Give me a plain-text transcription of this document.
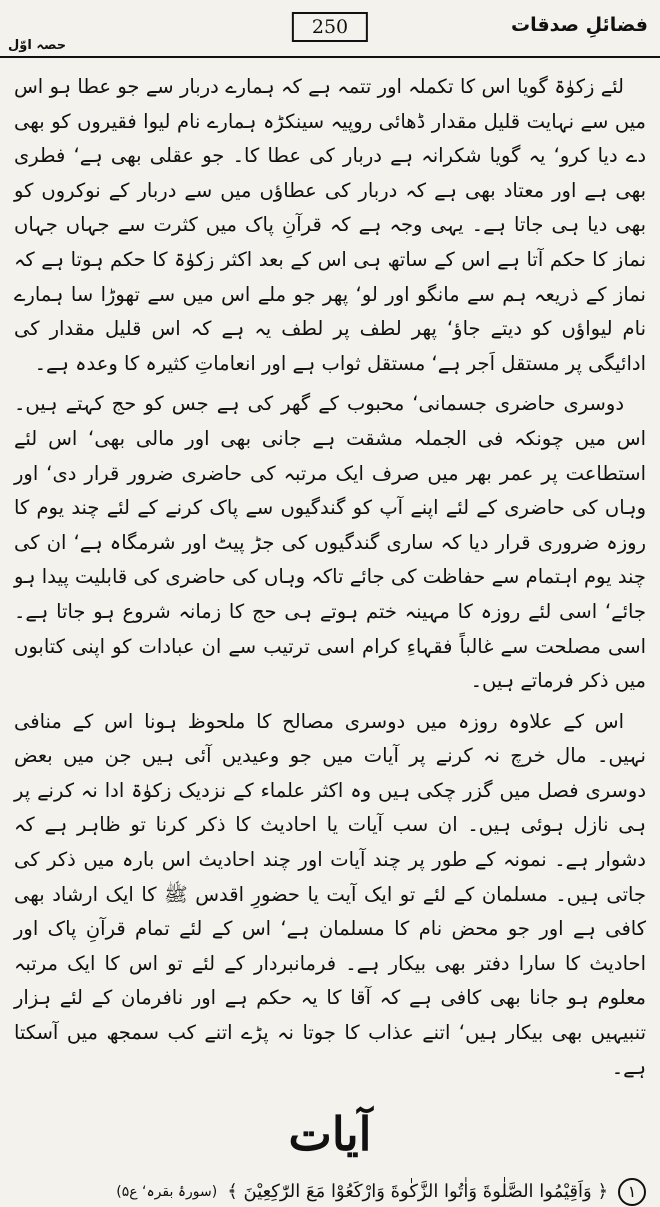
فضائلِ صدقات
250
حصہ اوّل

لئے زکوٰۃ گویا اس کا تکملہ اور تتمہ ہے کہ ہمارے دربار سے جو عطا ہو اس میں سے نہایت قلیل مقدار ڈھائی روپیہ سینکڑہ ہمارے نام لیوا فقیروں کو بھی دے دیا کرو‘ یہ گویا شکرانہ ہے دربار کی عطا کا۔ جو عقلی بھی ہے‘ فطری بھی ہے اور معتاد بھی ہے کہ دربار کی عطاؤں میں سے دربار کے نوکروں کو بھی دیا ہی جاتا ہے۔ یہی وجہ ہے کہ قرآنِ پاک میں کثرت سے جہاں جہاں نماز کا حکم آتا ہے اس کے ساتھ ہی اس کے بعد اکثر زکوٰۃ کا حکم ہوتا ہے کہ نماز کے ذریعہ ہم سے مانگو اور لو‘ پھر جو ملے اس میں سے تھوڑا سا ہمارے نام لیواؤں کو دیتے جاؤ‘ پھر لطف پر لطف یہ ہے کہ اس قلیل مقدار کی ادائیگی پر مستقل اَجر ہے‘ مستقل ثواب ہے اور انعاماتِ کثیرہ کا وعدہ ہے۔

دوسری حاضری جسمانی‘ محبوب کے گھر کی ہے جس کو حج کہتے ہیں۔ اس میں چونکہ فی الجملہ مشقت ہے جانی بھی اور مالی بھی‘ اس لئے استطاعت پر عمر بھر میں صرف ایک مرتبہ کی حاضری ضرور قرار دی‘ اور وہاں کی حاضری کے لئے اپنے آپ کو گندگیوں سے پاک کرنے کے لئے چند یوم کا روزہ ضروری قرار دیا کہ ساری گندگیوں کی جڑ پیٹ اور شرمگاہ ہے‘ ان کی چند یوم اہتمام سے حفاظت کی جائے تاکہ وہاں کی حاضری کی قابلیت پیدا ہو جائے‘ اسی لئے روزہ کا مہینہ ختم ہوتے ہی حج کا زمانہ شروع ہو جاتا ہے۔ اسی مصلحت سے غالباً فقہاءِ کرام اسی ترتیب سے ان عبادات کو اپنی کتابوں میں ذکر فرماتے ہیں۔

اس کے علاوہ روزہ میں دوسری مصالح کا ملحوظ ہونا اس کے منافی نہیں۔ مال خرچ نہ کرنے پر آیات میں جو وعیدیں آئی ہیں جن میں بعض دوسری فصل میں گزر چکی ہیں وہ اکثر علماء کے نزدیک زکوٰۃ ادا نہ کرنے پر ہی نازل ہوئی ہیں۔ ان سب آیات یا احادیث کا ذکر کرنا تو ظاہر ہے کہ دشوار ہے۔ نمونہ کے طور پر چند آیات اور چند احادیث اس بارہ میں ذکر کی جاتی ہیں۔ مسلمان کے لئے تو ایک آیت یا حضورِ اقدس ﷺ کا ایک ارشاد بھی کافی ہے اور جو محض نام کا مسلمان ہے‘ اس کے لئے تمام قرآنِ پاک اور احادیث کا سارا دفتر بھی بیکار ہے۔ فرمانبردار کے لئے تو اس کا ایک مرتبہ معلوم ہو جانا بھی کافی ہے کہ آقا کا یہ حکم ہے اور نافرمان کے لئے ہزار تنبیہیں بھی بیکار ہیں‘ اتنے عذاب کا جوتا نہ پڑے اتنے کب سمجھ میں آسکتا ہے۔

آیات
١
﴿ وَاَقِيْمُوا الصَّلٰوةَ وَاٰتُوا الزَّكٰوةَ وَارْكَعُوْا مَعَ الرّٰكِعِيْنَ ﴾
(سورۂ بقرہ‘ ع۵)
